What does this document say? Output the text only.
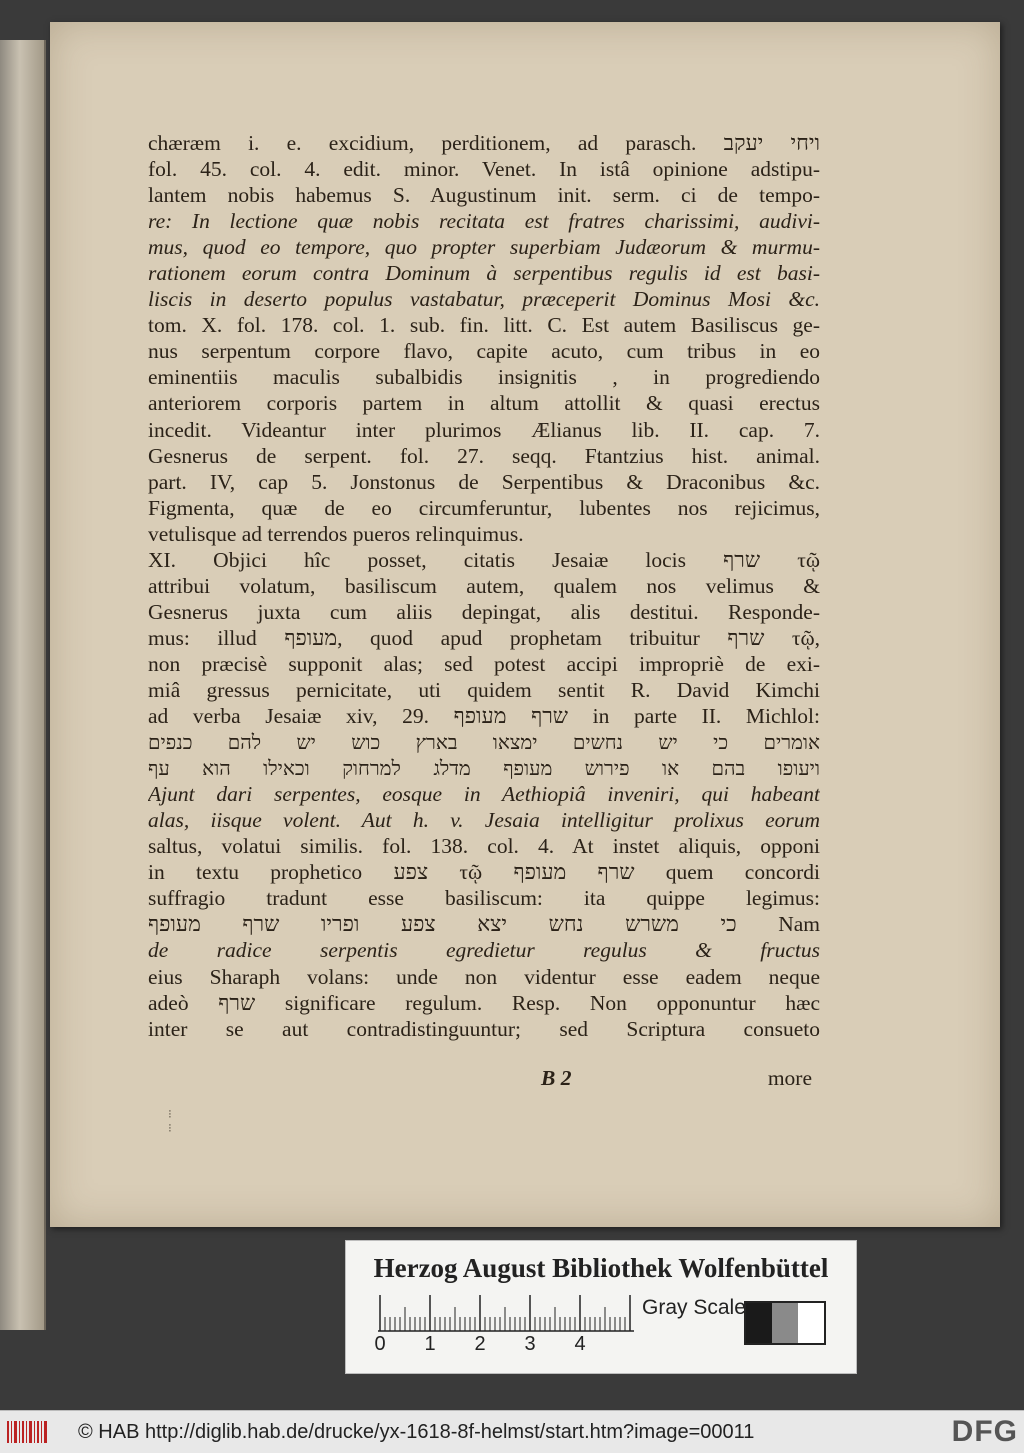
chæræm i. e. excidium, perditionem, ad parasch. ויחי יעקב
fol. 45. col. 4. edit. minor. Venet. In istâ opinione adstipu-
lantem nobis habemus S. Augustinum init. serm. ci de tempo-
re: In lectione quæ nobis recitata est fratres charissimi, audivi-
mus, quod eo tempore, quo propter superbiam Judæorum & murmu-
rationem eorum contra Dominum à serpentibus regulis id est basi-
liscis in deserto populus vastabatur, præceperit Dominus Mosi &c.
tom. X. fol. 178. col. 1. sub. fin. litt. C. Est autem Basiliscus ge-
nus serpentum corpore flavo, capite acuto, cum tribus in eo
eminentiis maculis subalbidis insignitis , in progrediendo
anteriorem corporis partem in altum attollit & quasi erectus
incedit. Videantur inter plurimos Ælianus lib. II. cap. 7.
Gesnerus de serpent. fol. 27. seqq. Ftantzius hist. animal.
part. IV, cap 5. Jonstonus de Serpentibus & Draconibus &c.
Figmenta, quæ de eo circumferuntur, lubentes nos rejicimus,
vetulisque ad terrendos pueros relinquimus.
XI. Objici hîc posset, citatis Jesaiæ locis שרף τῷ
attribui volatum, basiliscum autem, qualem nos velimus &
Gesnerus juxta cum aliis depingat, alis destitui. Responde-
mus: illud מעופף, quod apud prophetam tribuitur שרף τῷ,
non præcisè supponit alas; sed potest accipi impropriè de exi-
miâ gressus pernicitate, uti quidem sentit R. David Kimchi
ad verba Jesaiæ xiv, 29. שרף מעופף in parte II. Michlol:
אומרים כי יש נחשים ימצאו בארץ כוש יש להם כנפים
ויעופו בהם או פירוש מעופף מדלג למרחוק וכאילו הוא עף
Ajunt dari serpentes, eosque in Aethiopiâ inveniri, qui habeant
alas, iisque volent. Aut h. v. Jesaia intelligitur prolixus eorum
saltus, volatui similis. fol. 138. col. 4. At instet aliquis, opponi
in textu prophetico צפע τῷ שרף מעופף quem concordi
suffragio tradunt esse basiliscum: ita quippe legimus:
כי משרש נחש יצא צפע ופריו שרף מעופף Nam
de radice serpentis egredietur regulus & fructus
eius Sharaph volans: unde non videntur esse eadem neque
adeò שרף significare regulum. Resp. Non opponuntur hæc
inter se aut contradistinguuntur; sed Scriptura consueto
B 2	more
⁝
⁝
Herzog August Bibliothek Wolfenbüttel
0 1 2 3 4
Gray Scale
© HAB http://diglib.hab.de/drucke/yx-1618-8f-helmst/start.htm?image=00011	DFG
